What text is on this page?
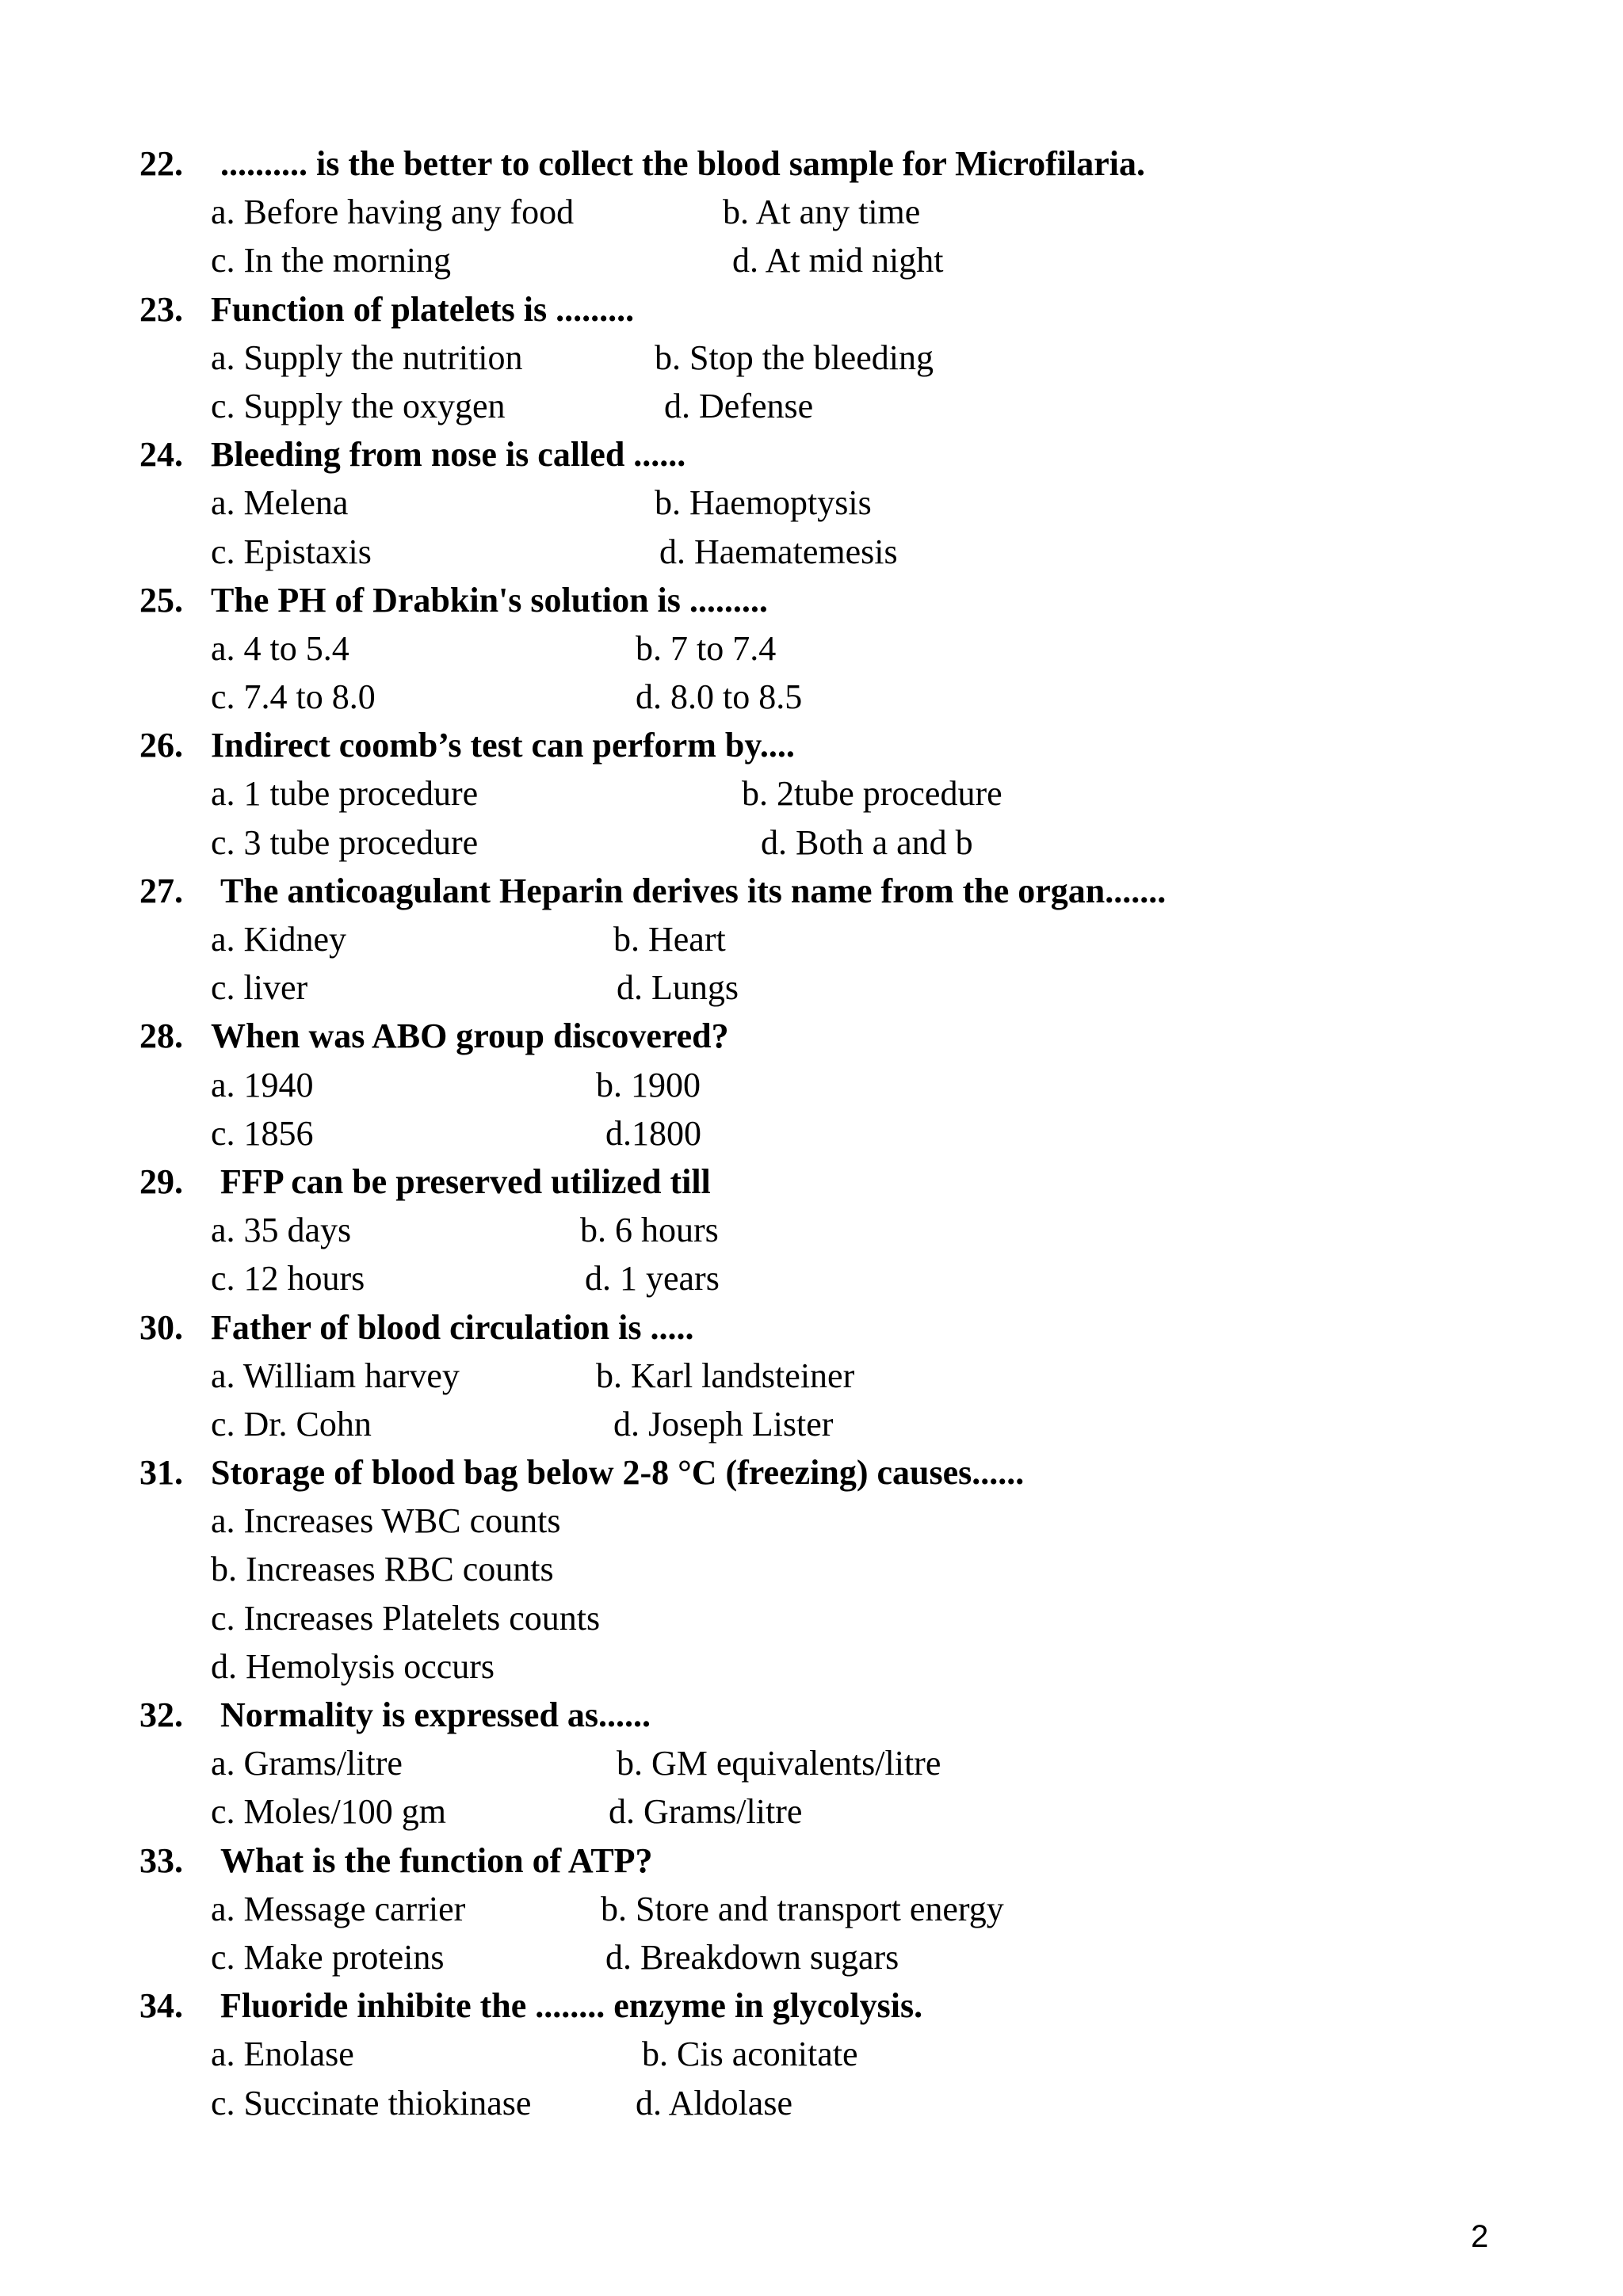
22. .......... is the better to collect the blood sample for Microfilaria.
a. Before having any food	b. At any time
c. In the morning	d. At mid night
23. Function of platelets is .........
a. Supply the nutrition	b. Stop the bleeding
c. Supply the oxygen	d. Defense
24. Bleeding from nose is called ......
a. Melena	b. Haemoptysis
c. Epistaxis	d. Haematemesis
25. The PH of Drabkin's solution is .........
a. 4 to 5.4	b. 7 to 7.4
c. 7.4 to 8.0	d. 8.0 to 8.5
26. Indirect coomb’s test can perform by....
a. 1 tube procedure	b. 2tube procedure
c. 3 tube procedure	d. Both a and b
27. The anticoagulant Heparin derives its name from the organ.......
a. Kidney	b. Heart
c. liver	d. Lungs
28. When was ABO group discovered?
a. 1940	b. 1900
c. 1856	d.1800
29. FFP can be preserved utilized till
a. 35 days	b. 6 hours
c. 12 hours	d. 1 years
30. Father of blood circulation is .....
a. William harvey	b. Karl landsteiner
c. Dr. Cohn	d. Joseph Lister
31. Storage of blood bag below 2-8 °C (freezing) causes......
a. Increases WBC counts
b. Increases RBC counts
c. Increases Platelets counts
d. Hemolysis occurs
32. Normality is expressed as......
a. Grams/litre	b. GM equivalents/litre
c. Moles/100 gm	d. Grams/litre
33. What is the function of ATP?
a. Message carrier	b. Store and transport energy
c. Make proteins	d. Breakdown sugars
34. Fluoride inhibite the ........ enzyme in glycolysis.
a. Enolase	b. Cis aconitate
c. Succinate thiokinase	d. Aldolase
2
